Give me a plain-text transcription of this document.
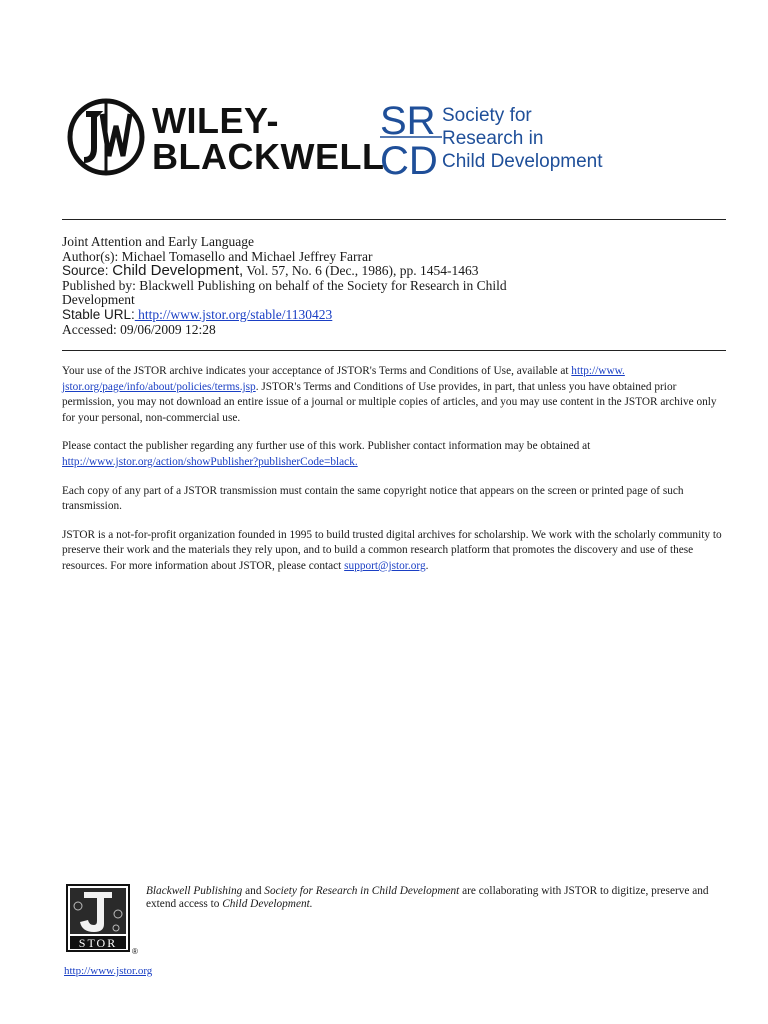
WILEY-
BLACKWELL
SR
CD
Society for
Research in
Child Development
Joint Attention and Early Language
Author(s): Michael Tomasello and Michael Jeffrey Farrar
Source: Child Development, Vol. 57, No. 6 (Dec., 1986), pp. 1454-1463
Published by: Blackwell Publishing on behalf of the Society for Research in Child
Development
Stable URL: http://www.jstor.org/stable/1130423
Accessed: 09/06/2009 12:28

Your use of the JSTOR archive indicates your acceptance of JSTOR's Terms and Conditions of Use, available at http://www.
jstor.org/page/info/about/policies/terms.jsp. JSTOR's Terms and Conditions of Use provides, in part, that unless you have obtained prior permission, you may not download an entire issue of a journal or multiple copies of articles, and you may use content in the JSTOR archive only for your personal, non-commercial use.

Please contact the publisher regarding any further use of this work. Publisher contact information may be obtained at
http://www.jstor.org/action/showPublisher?publisherCode=black.

Each copy of any part of a JSTOR transmission must contain the same copyright notice that appears on the screen or printed page of such transmission.

JSTOR is a not-for-profit organization founded in 1995 to build trusted digital archives for scholarship. We work with the scholarly community to preserve their work and the materials they rely upon, and to build a common research platform that promotes the discovery and use of these resources. For more information about JSTOR, please contact support@jstor.org.

STOR
®
Blackwell Publishing and Society for Research in Child Development are collaborating with JSTOR to digitize, preserve and extend access to Child Development.
http://www.jstor.org
